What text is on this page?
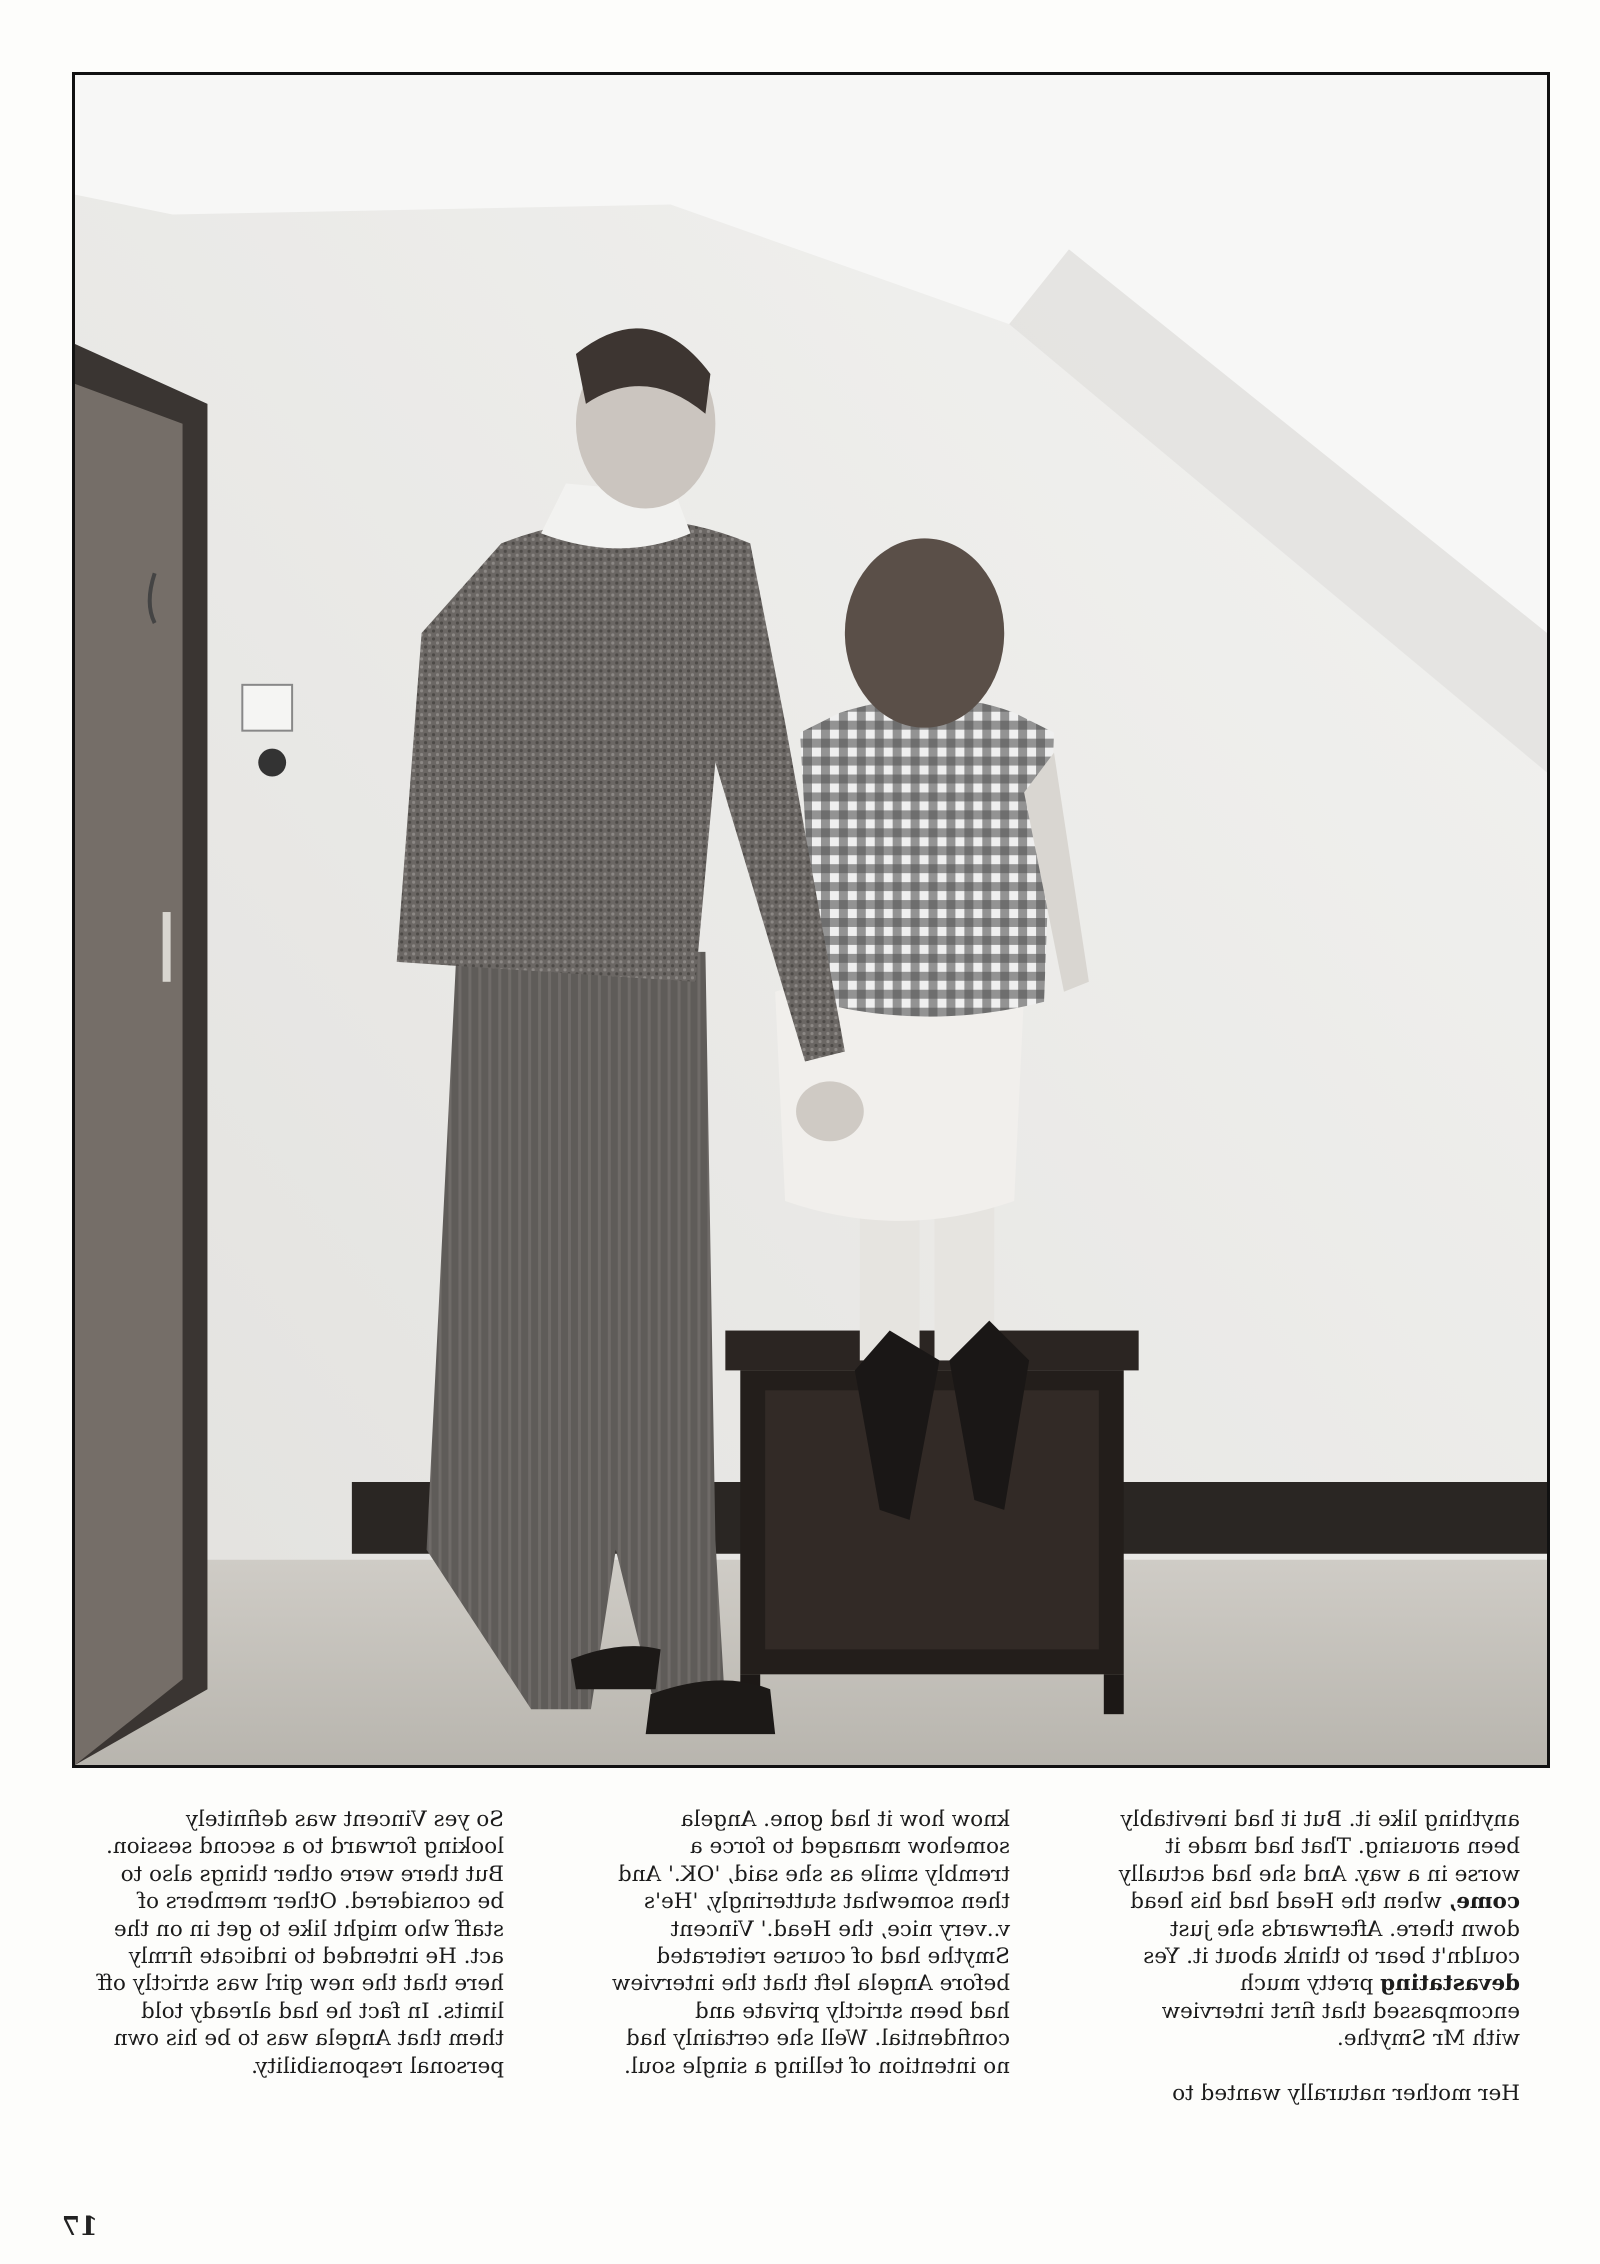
anything like it. But it had inevitably
been arousing. That had made it
worse in a way. And she had actually
come, when the Head had his head
down there. Afterwards she just
couldn't bear to think about it. Yes
devastating pretty much
encompassed that first interview
with Mr Smythe.

Her mother naturally wanted to

know how it had gone. Angela
somehow managed to force a
trembly smile as she said, 'OK.' And
then somewhat stutteringly, 'He's
v..very nice, the Head.' Vincent
Smythe had of course reiterated
before Angela left that the interview
had been strictly private and
confidential. Well she certainly had
no intention of telling a single soul.

So yes Vincent was definitely
looking forward to a second session.
But there were other things also to
be considered. Other members of
staff who might like to get in on the
act. He intended to indicate firmly
here that the new girl was strictly off
limits. In fact he had already told
them that Angela was to be his own
personal responsibility.

17
